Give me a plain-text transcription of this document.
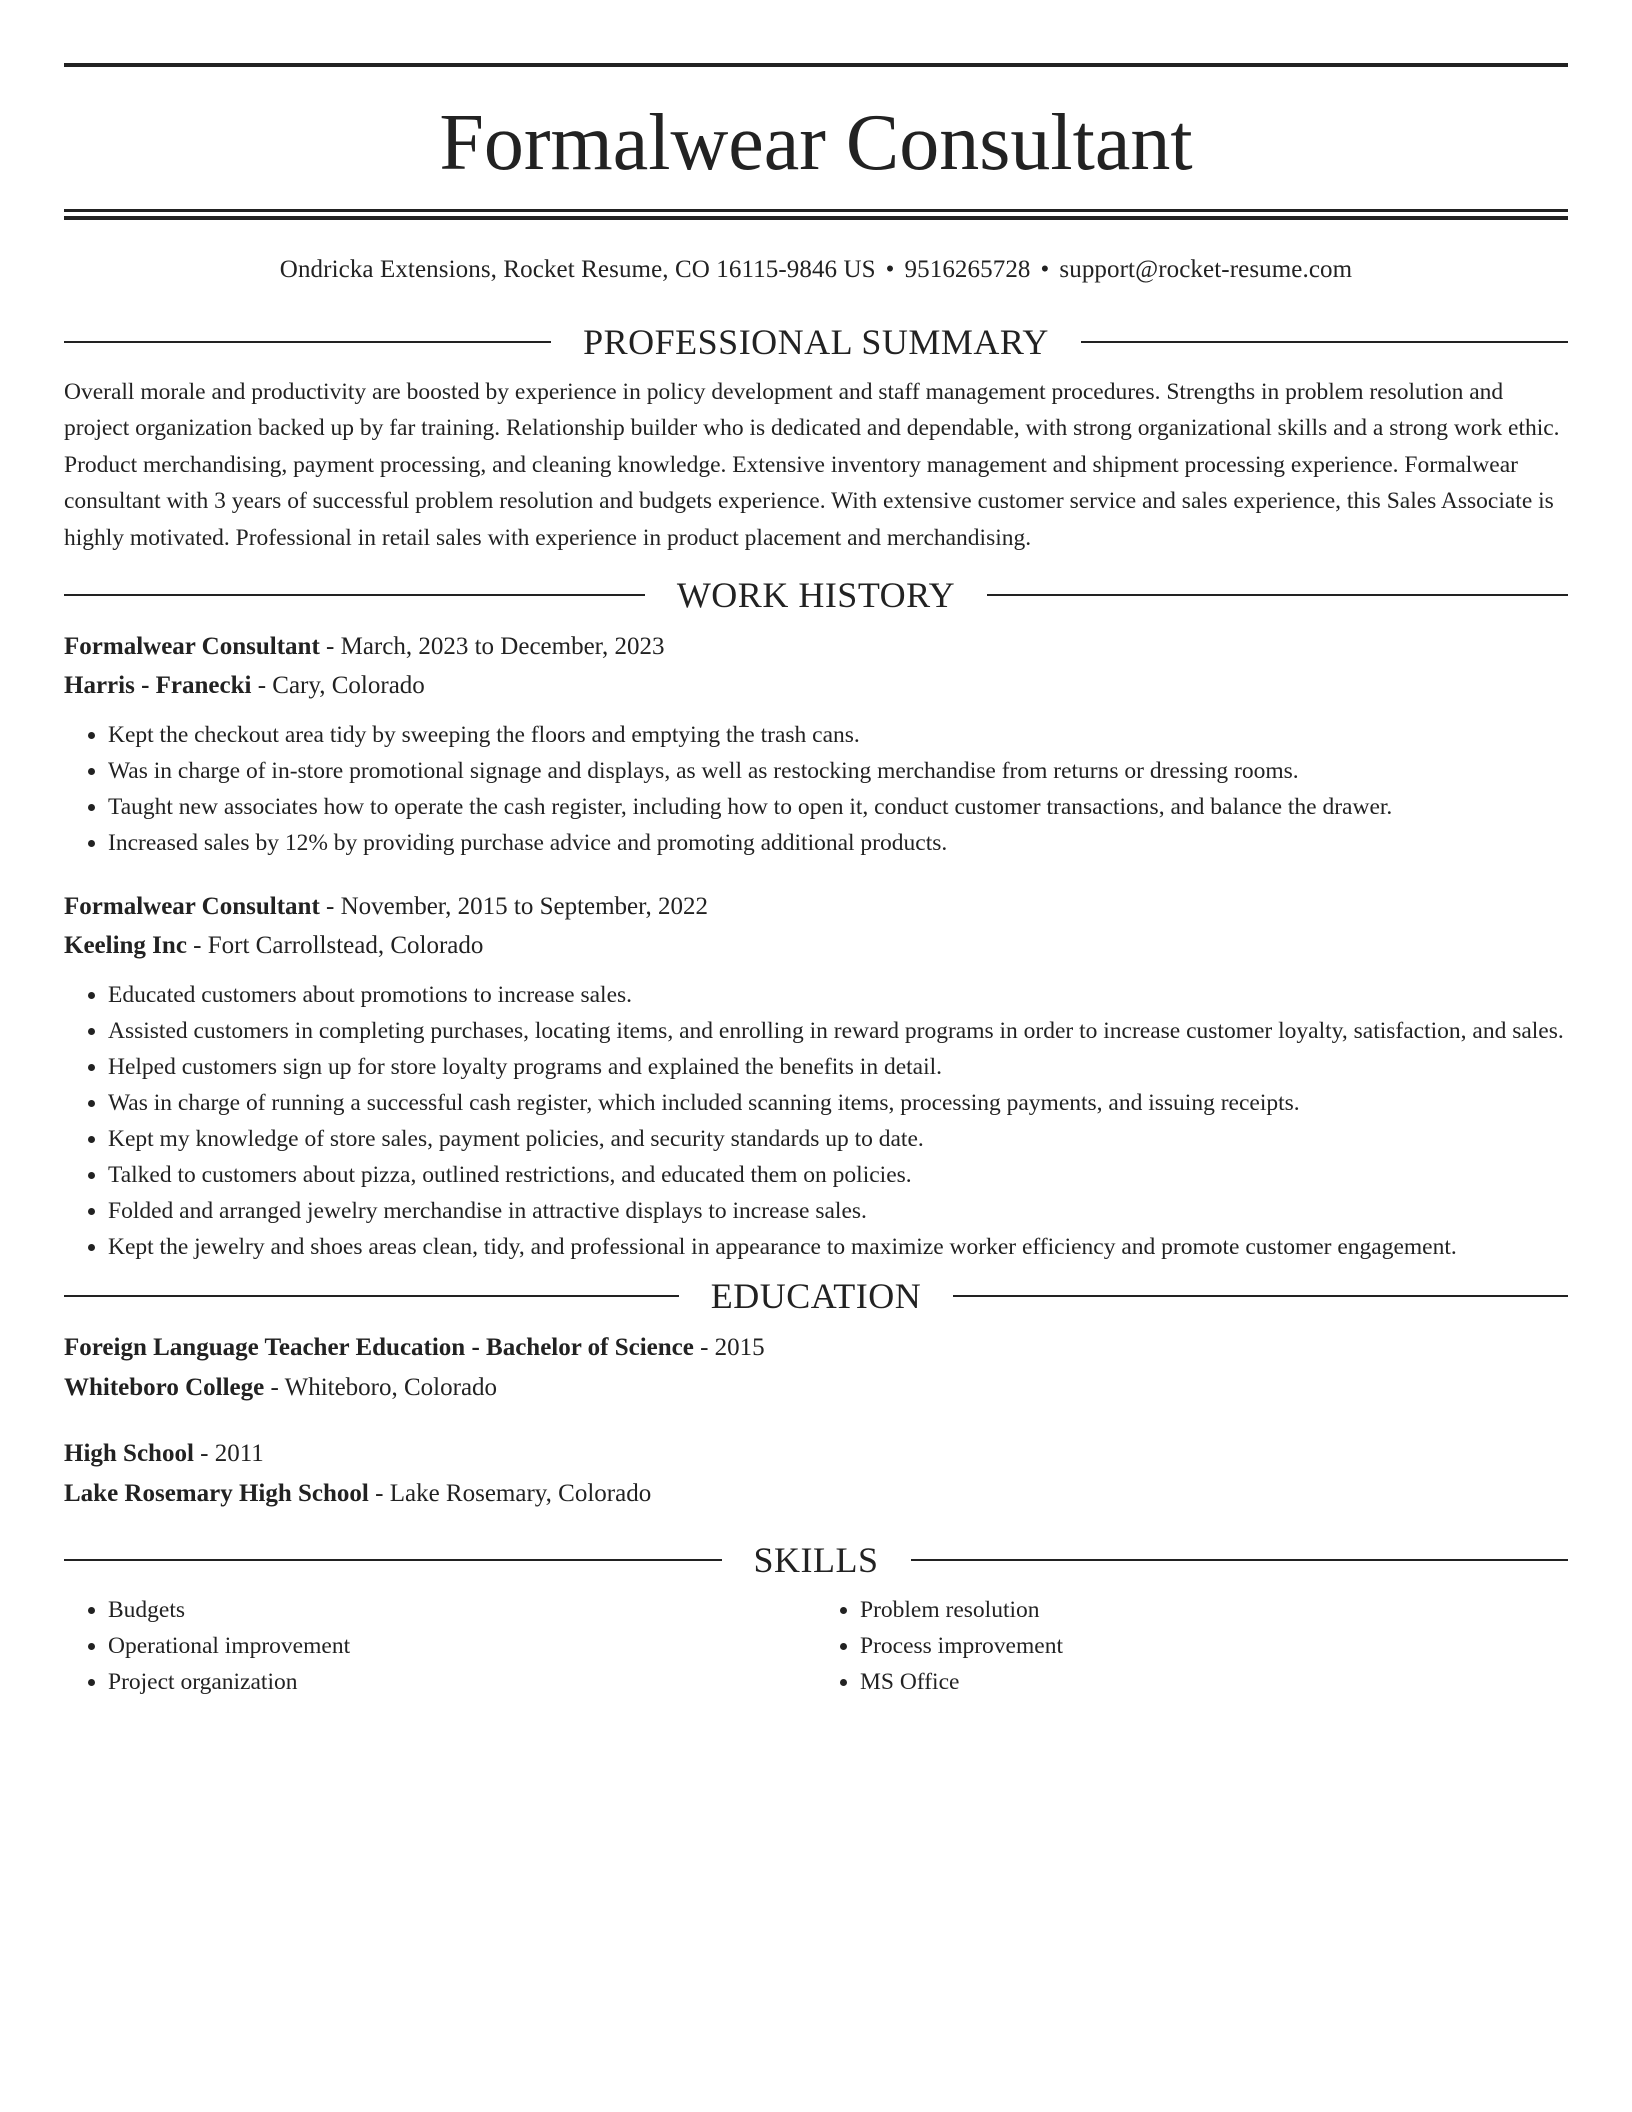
Formalwear Consultant
Ondricka Extensions, Rocket Resume, CO 16115-9846 US • 9516265728 • support@rocket-resume.com
PROFESSIONAL SUMMARY
Overall morale and productivity are boosted by experience in policy development and staff management procedures. Strengths in problem resolution and project organization backed up by far training. Relationship builder who is dedicated and dependable, with strong organizational skills and a strong work ethic. Product merchandising, payment processing, and cleaning knowledge. Extensive inventory management and shipment processing experience. Formalwear consultant with 3 years of successful problem resolution and budgets experience. With extensive customer service and sales experience, this Sales Associate is highly motivated. Professional in retail sales with experience in product placement and merchandising.
WORK HISTORY
Formalwear Consultant - March, 2023 to December, 2023
Harris - Franecki - Cary, Colorado
• Kept the checkout area tidy by sweeping the floors and emptying the trash cans.
• Was in charge of in-store promotional signage and displays, as well as restocking merchandise from returns or dressing rooms.
• Taught new associates how to operate the cash register, including how to open it, conduct customer transactions, and balance the drawer.
• Increased sales by 12% by providing purchase advice and promoting additional products.
Formalwear Consultant - November, 2015 to September, 2022
Keeling Inc - Fort Carrollstead, Colorado
• Educated customers about promotions to increase sales.
• Assisted customers in completing purchases, locating items, and enrolling in reward programs in order to increase customer loyalty, satisfaction, and sales.
• Helped customers sign up for store loyalty programs and explained the benefits in detail.
• Was in charge of running a successful cash register, which included scanning items, processing payments, and issuing receipts.
• Kept my knowledge of store sales, payment policies, and security standards up to date.
• Talked to customers about pizza, outlined restrictions, and educated them on policies.
• Folded and arranged jewelry merchandise in attractive displays to increase sales.
• Kept the jewelry and shoes areas clean, tidy, and professional in appearance to maximize worker efficiency and promote customer engagement.
EDUCATION
Foreign Language Teacher Education - Bachelor of Science - 2015
Whiteboro College - Whiteboro, Colorado
High School - 2011
Lake Rosemary High School - Lake Rosemary, Colorado
SKILLS
• Budgets
• Operational improvement
• Project organization
• Problem resolution
• Process improvement
• MS Office
